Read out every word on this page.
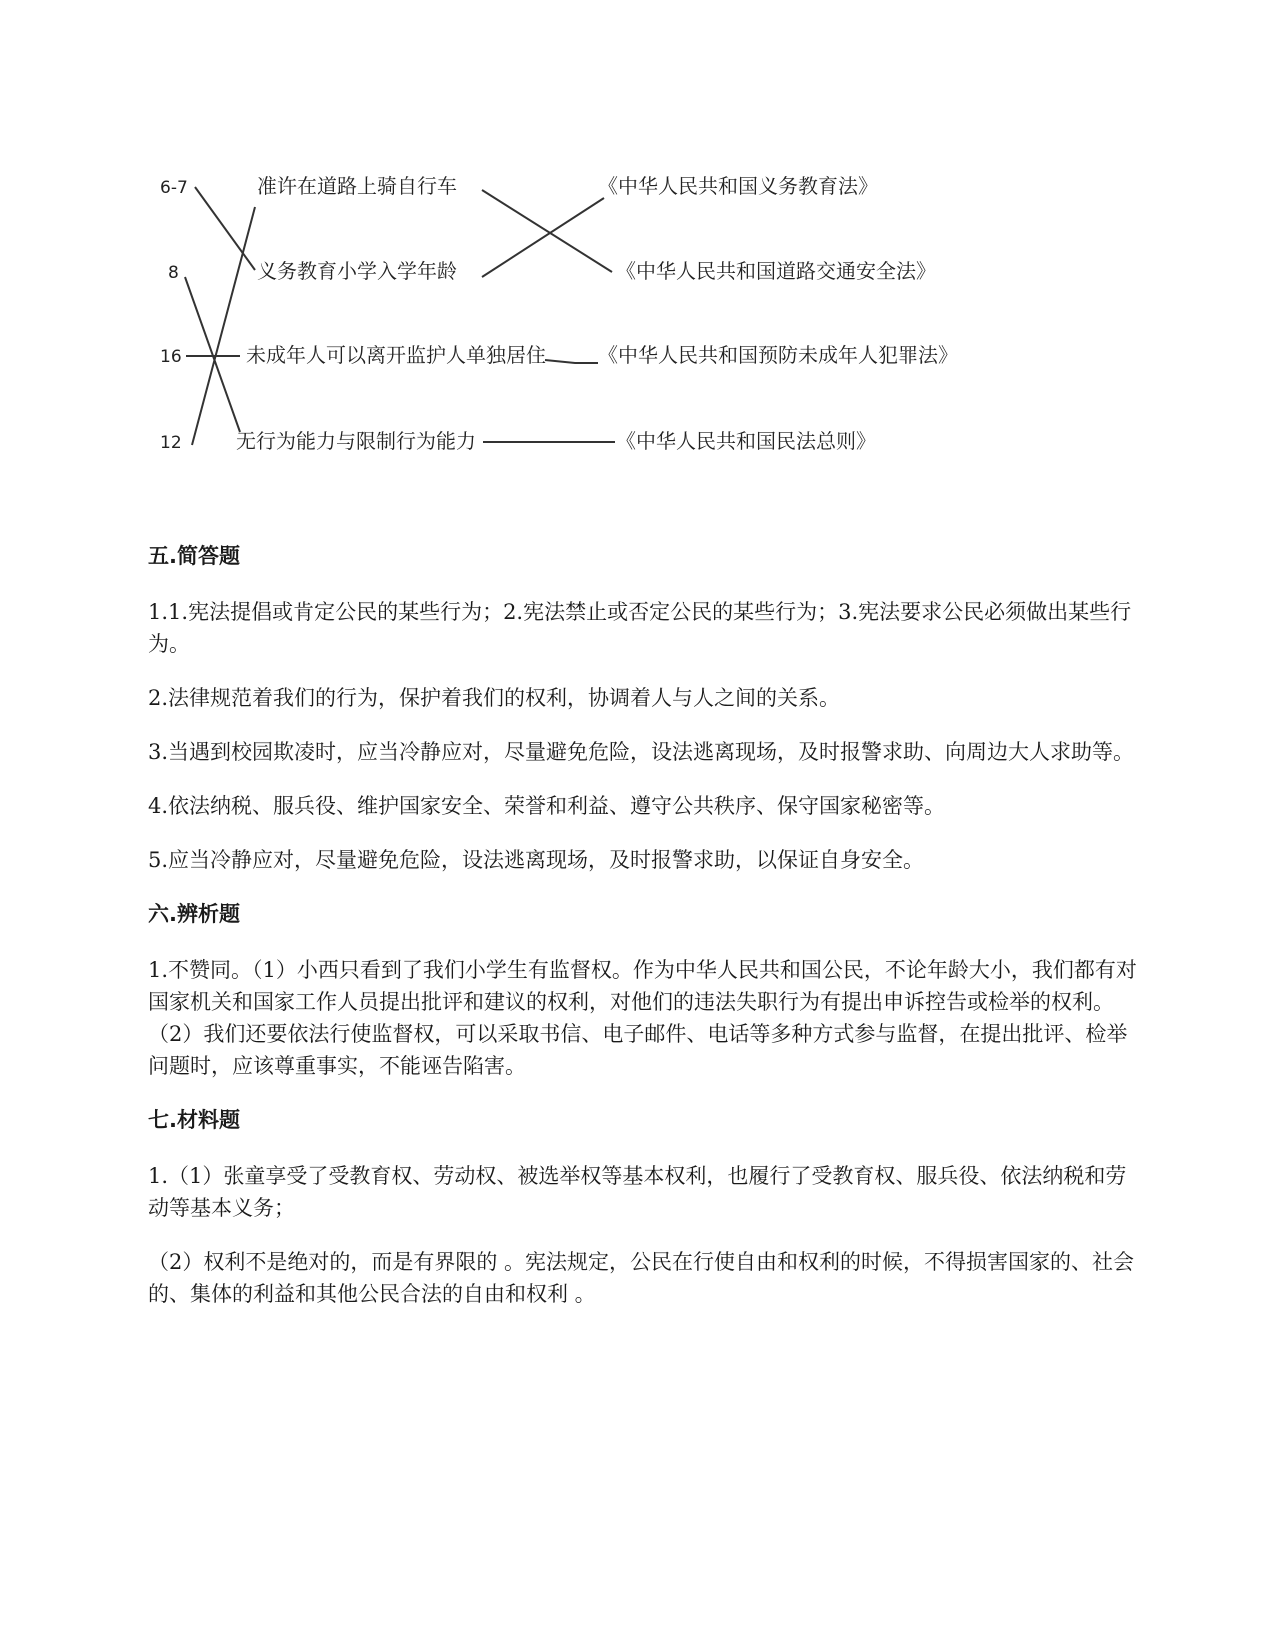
6-7
8
16
12
准许在道路上骑自行车
义务教育小学入学年龄
未成年人可以离开监护人单独居住
无行为能力与限制行为能力
《中华人民共和国义务教育法》
《中华人民共和国道路交通安全法》
《中华人民共和国预防未成年人犯罪法》
《中华人民共和国民法总则》
五.简答题

1.1.宪法提倡或肯定公民的某些行为；2.宪法禁止或否定公民的某些行为；3.宪法要求公民必须做出某些行为。

2.法律规范着我们的行为，保护着我们的权利，协调着人与人之间的关系。

3.当遇到校园欺凌时，应当冷静应对，尽量避免危险，设法逃离现场，及时报警求助、向周边大人求助等。

4.依法纳税、服兵役、维护国家安全、荣誉和利益、遵守公共秩序、保守国家秘密等。

5.应当冷静应对，尽量避免危险，设法逃离现场，及时报警求助，以保证自身安全。

六.辨析题

1.不赞同。（1）小西只看到了我们小学生有监督权。作为中华人民共和国公民，不论年龄大小，我们都有对国家机关和国家工作人员提出批评和建议的权利，对他们的违法失职行为有提出申诉控告或检举的权利。（2）我们还要依法行使监督权，可以采取书信、电子邮件、电话等多种方式参与监督，在提出批评、检举问题时，应该尊重事实，不能诬告陷害。

七.材料题

1.（1）张童享受了受教育权、劳动权、被选举权等基本权利，也履行了受教育权、服兵役、依法纳税和劳动等基本义务；

（2）权利不是绝对的，而是有界限的 。宪法规定，公民在行使自由和权利的时候，不得损害国家的、社会的、集体的利益和其他公民合法的自由和权利 。
